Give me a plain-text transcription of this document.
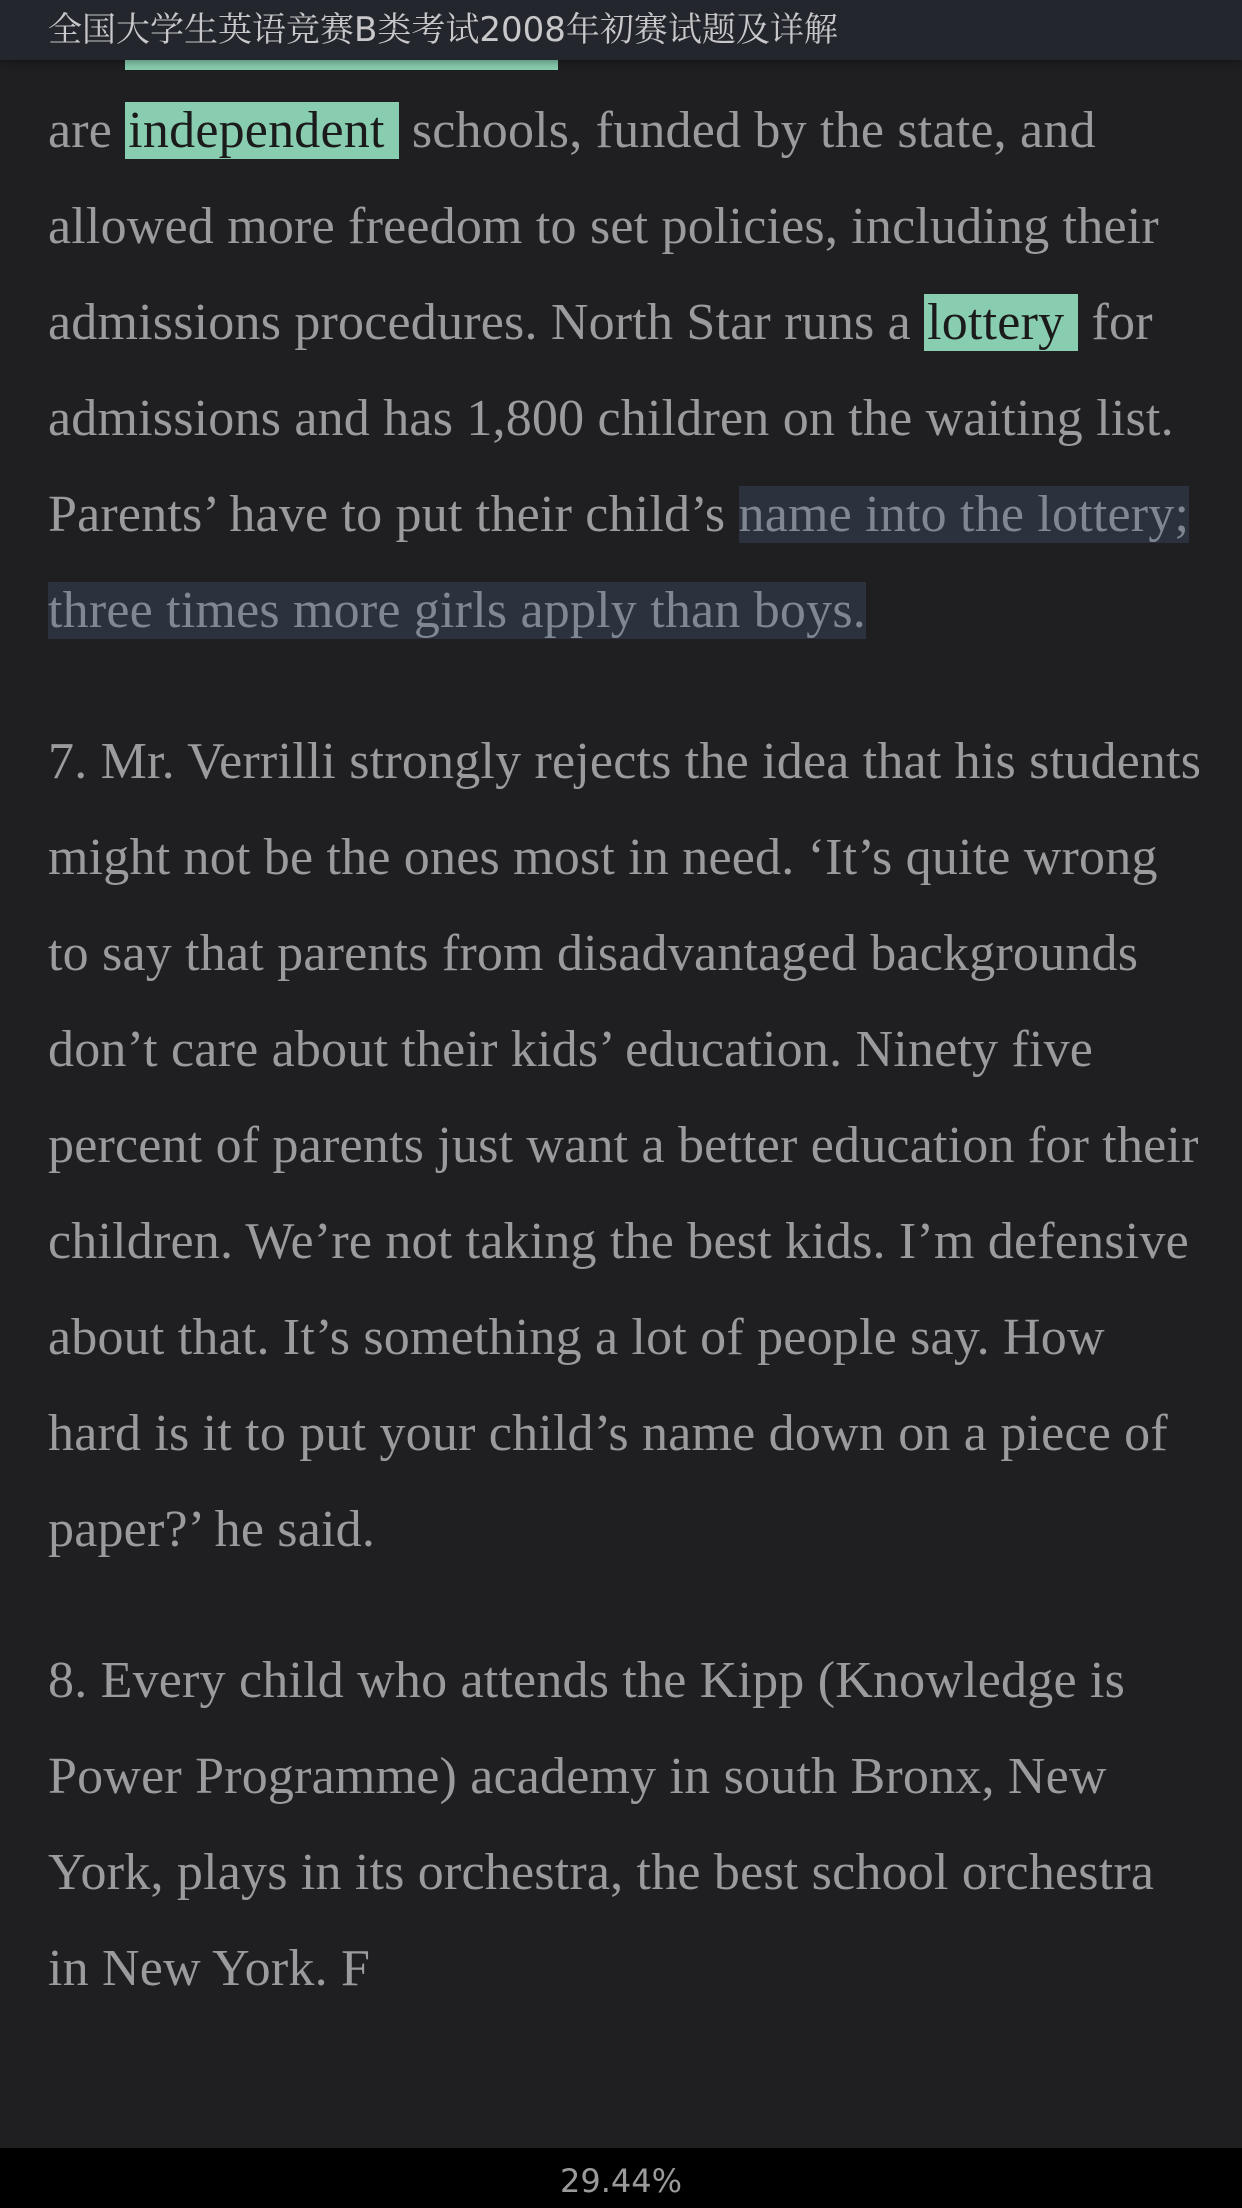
are independent schools, funded by the state, and allowed more freedom to set policies, including their admissions procedures. North Star runs a lottery for admissions and has 1,800 children on the waiting list. Parents’ have to put their child’s name into the lottery; three times more girls apply than boys.

7. Mr. Verrilli strongly rejects the idea that his students might not be the ones most in need. ‘It’s quite wrong to say that parents from disadvantaged backgrounds don’t care about their kids’ education. Ninety five percent of parents just want a better education for their children. We’re not taking the best kids. I’m defensive about that. It’s something a lot of people say. How hard is it to put your child’s name down on a piece of paper?’ he said.

8. Every child who attends the Kipp (Knowledge is Power Programme) academy in south Bronx, New York, plays in its orchestra, the best school orchestra in New York. F

全国大学生英语竞赛B类考试2008年初赛试题及详解
29.44%
